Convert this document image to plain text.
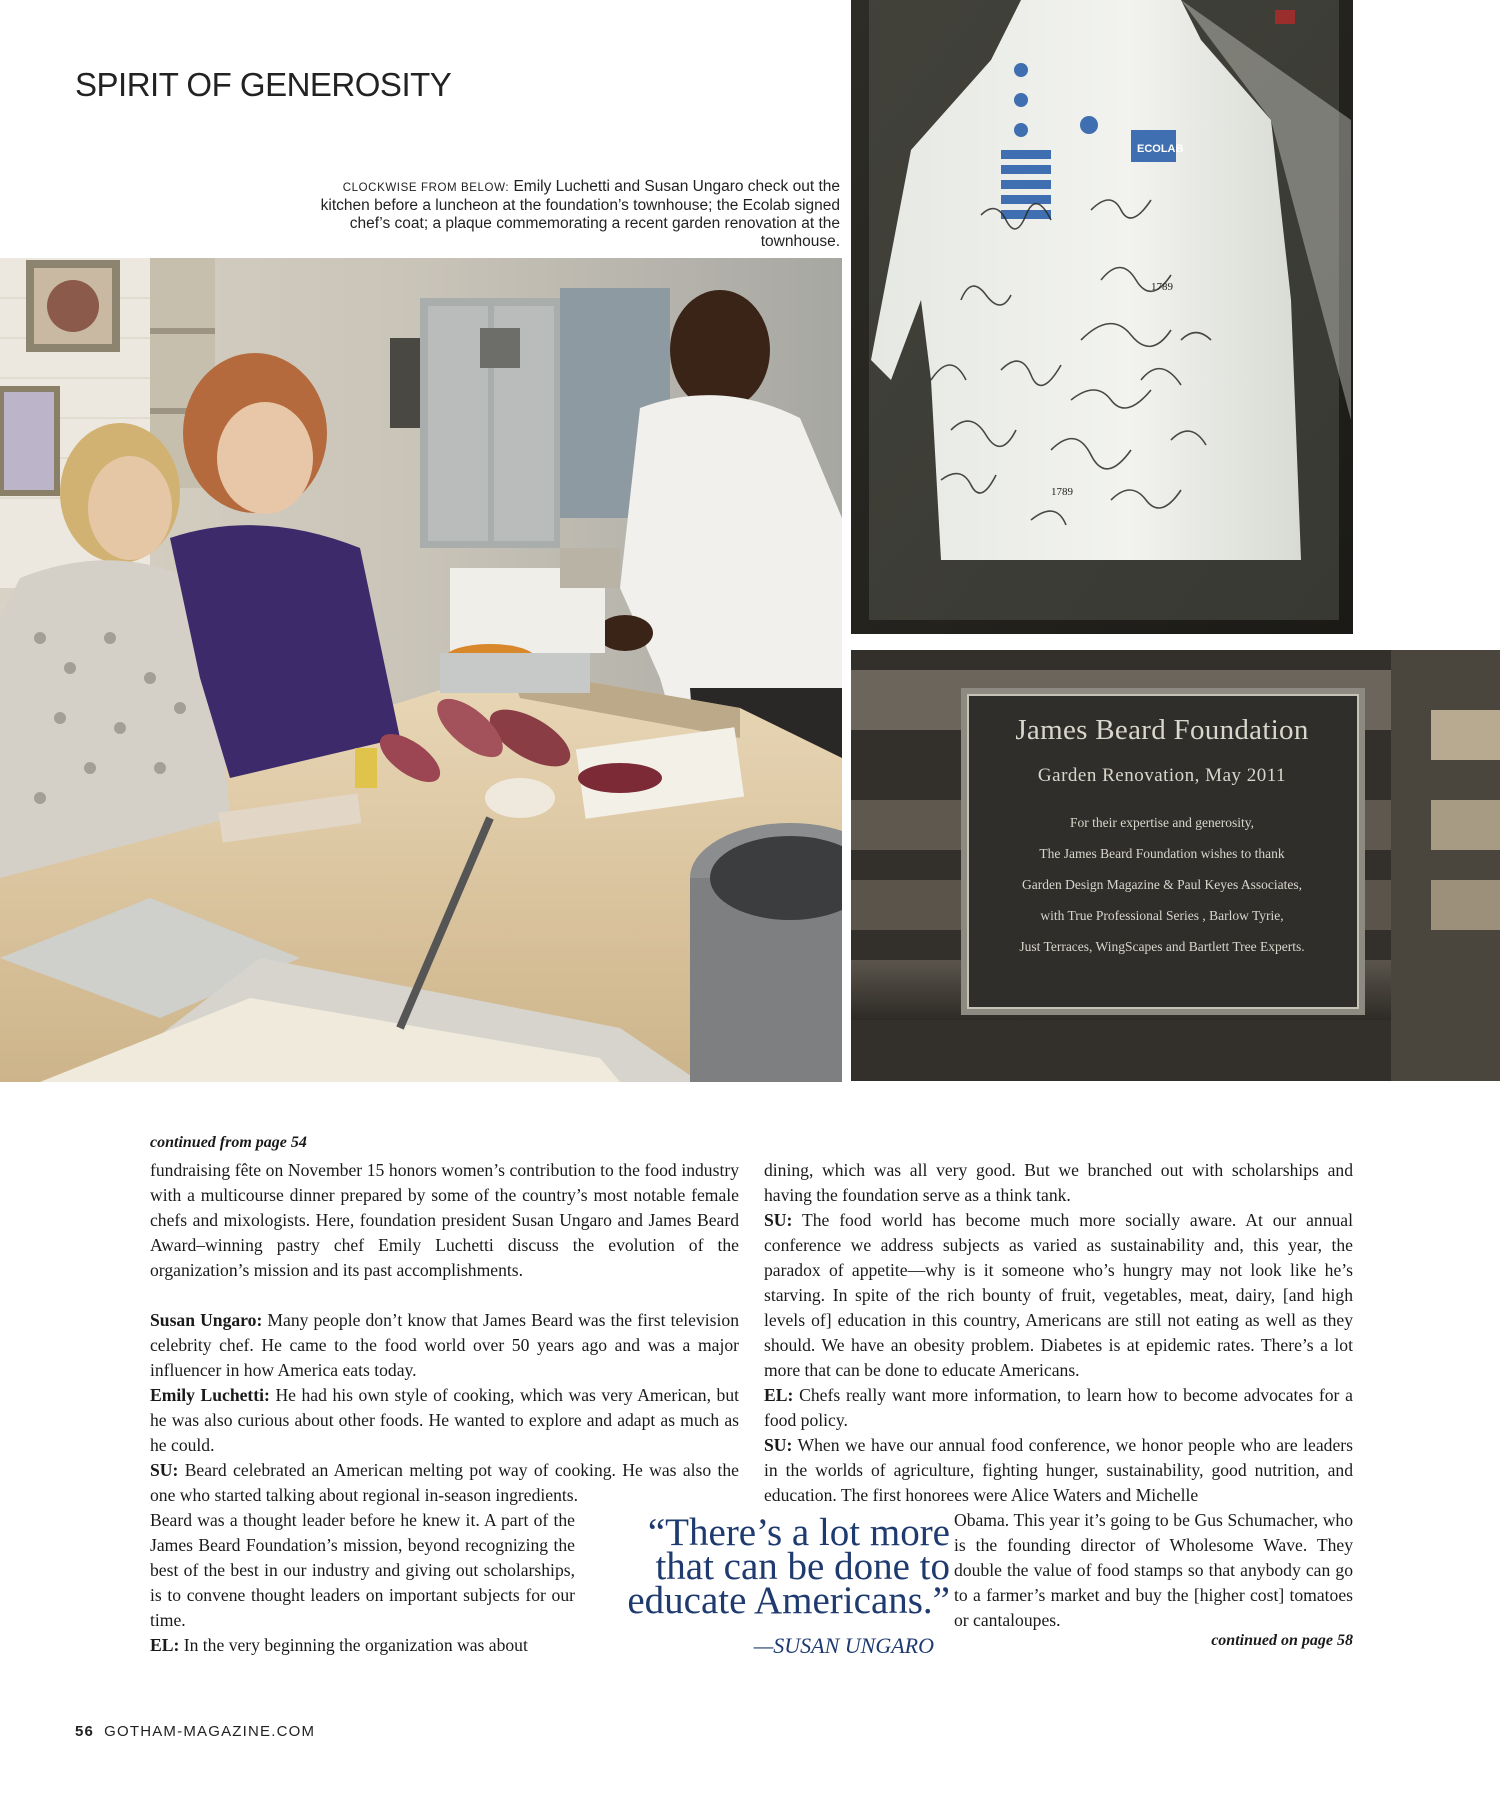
SPIRIT OF GENEROSITY
CLOCKWISE FROM BELOW: Emily Luchetti and Susan Ungaro check out the kitchen before a luncheon at the foundation’s townhouse; the Ecolab signed chef’s coat; a plaque commemorating a recent garden renovation at the townhouse.
ECOLAB
1789
1789
James Beard Foundation
Garden Renovation, May 2011
For their expertise and generosity,
The James Beard Foundation wishes to thank
Garden Design Magazine & Paul Keyes Associates,
with True Professional Series , Barlow Tyrie,
Just Terraces, WingScapes and Bartlett Tree Experts.
continued from page 54

fundraising fête on November 15 honors women’s contribution to the food industry with a multicourse dinner prepared by some of the country’s most notable female chefs and mixologists. Here, foundation president Susan Ungaro and James Beard Award–winning pastry chef Emily Luchetti discuss the evolution of the organization’s mission and its past accomplishments.

Susan Ungaro: Many people don’t know that James Beard was the first television celebrity chef. He came to the food world over 50 years ago and was a major influencer in how America eats today.

Emily Luchetti: He had his own style of cooking, which was very American, but he was also curious about other foods. He wanted to explore and adapt as much as he could.

SU: Beard celebrated an American melting pot way of cooking. He was also the one who started talking about regional in-season ingredients.

Beard was a thought leader before he knew it. A part of the James Beard Foundation’s mission, beyond recognizing the best of the best in our industry and giving out scholarships, is to convene thought leaders on important subjects for our time.

EL: In the very beginning the organization was about

“There’s a lot more that can be done to educate Americans.”
—SUSAN UNGARO

dining, which was all very good. But we branched out with scholarships and having the foundation serve as a think tank.

SU: The food world has become much more socially aware. At our annual conference we address subjects as varied as sustainability and, this year, the paradox of appetite—why is it someone who’s hungry may not look like he’s starving. In spite of the rich bounty of fruit, vegetables, meat, dairy, [and high levels of] education in this country, Americans are still not eating as well as they should. We have an obesity problem. Diabetes is at epidemic rates. There’s a lot more that can be done to educate Americans.

EL: Chefs really want more information, to learn how to become advocates for a food policy.

SU: When we have our annual food conference, we honor people who are leaders in the worlds of agriculture, fighting hunger, sustainability, good nutrition, and education. The first honorees were Alice Waters and Michelle

Obama. This year it’s going to be Gus Schumacher, who is the founding director of Wholesome Wave. They double the value of food stamps so that anybody can go to a farmer’s market and buy the [higher cost] tomatoes or cantaloupes.

continued on page 58
56 GOTHAM-MAGAZINE.COM
